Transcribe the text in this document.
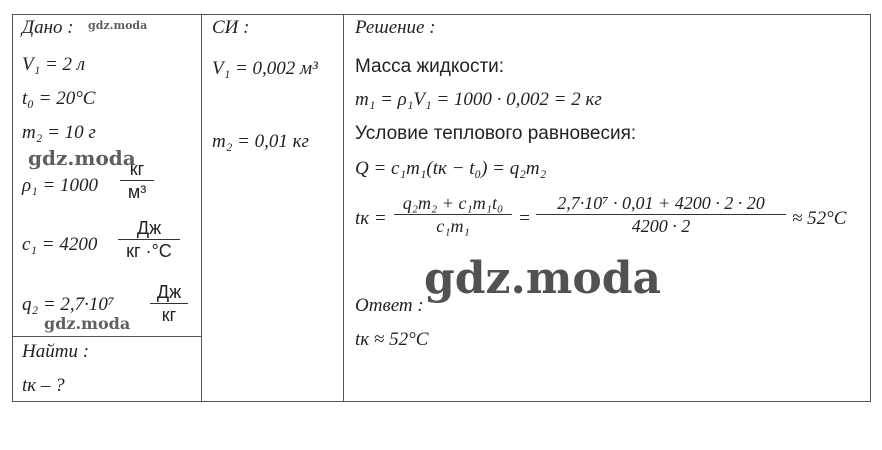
Дано :
V₁ = 2 л
t₀ = 20°C
m₂ = 10 г
ρ₁ = 1000
кг
м³
c₁ = 4200
Дж
кг ·°C
q₂ = 2,7·10⁷
Дж
кг
Найти :
tк – ?
СИ :
V₁ = 0,002 м³
m₂ = 0,01 кг
Решение :
Масса жидкости:
m₁ = ρ₁V₁ = 1000 · 0,002 = 2 кг
Условие теплового равновесия:
Q = c₁m₁(tк − t₀) = q₂m₂
tк =
q₂m₂ + c₁m₁t₀
c₁m₁	=
2,7·10⁷ · 0,01 + 4200 · 2 · 20
4200 · 2	≈ 52°C
Ответ :
tк ≈ 52°C
gdz.moda
gdz.moda
gdz.moda
gdz.moda
